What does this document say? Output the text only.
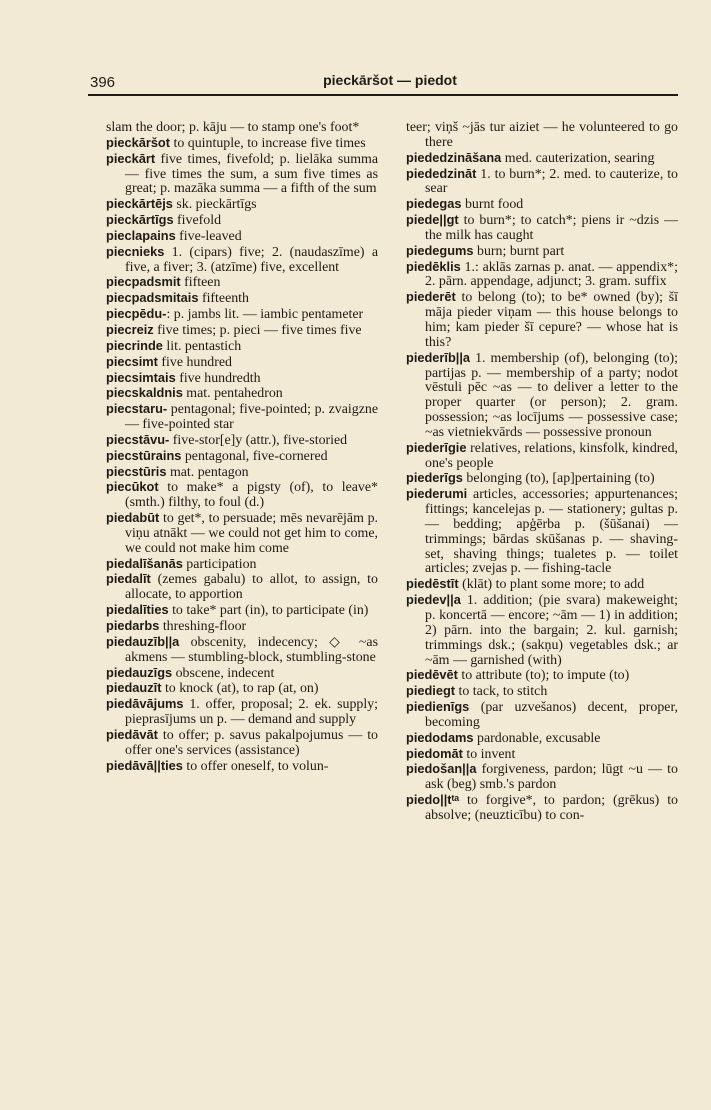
396	pieckāršot — piedot

slam the door; p. kāju — to stamp one's foot*

pieckāršot to quintuple, to increase five times

pieckārt five times, fivefold; p. lielāka summa — five times the sum, a sum five times as great; p. mazāka summa — a fifth of the sum

pieckārtējs sk. pieckārtīgs

pieckārtīgs fivefold

pieclapains five-leaved

piecnieks 1. (cipars) five; 2. (naudaszīme) a five, a fiver; 3. (atzīme) five, excellent

piecpadsmit fifteen

piecpadsmitais fifteenth

piecpēdu-: p. jambs lit. — iambic pentameter

piecreiz five times; p. pieci — five times five

piecrinde lit. pentastich

piecsimt five hundred

piecsimtais five hundredth

piecskaldnis mat. pentahedron

piecstaru- pentagonal; five-pointed; p. zvaigzne — five-pointed star

piecstāvu- five-stor[e]y (attr.), five-storied

piecstūrains pentagonal, five-cornered

piecstūris mat. pentagon

piecūkot to make* a pigsty (of), to leave* (smth.) filthy, to foul (d.)

piedabūt to get*, to persuade; mēs nevarējām p. viņu atnākt — we could not get him to come, we could not make him come

piedalīšanās participation

piedalīt (zemes gabalu) to allot, to assign, to allocate, to apportion

piedalīties to take* part (in), to participate (in)

piedarbs threshing-floor

piedauzīb||a obscenity, indecency; ◇ ~as akmens — stumbling-block, stumbling-stone

piedauzīgs obscene, indecent

piedauzīt to knock (at), to rap (at, on)

piedāvājums 1. offer, proposal; 2. ek. supply; pieprasījums un p. — demand and supply

piedāvāt to offer; p. savus pakalpojumus — to offer one's services (assistance)

piedāvā||ties to offer oneself, to volun-

teer; viņš ~jās tur aiziet — he volunteered to go there

piededzināšana med. cauterization, searing

piededzināt 1. to burn*; 2. med. to cauterize, to sear

piedegas burnt food

piede||gt to burn*; to catch*; piens ir ~dzis — the milk has caught

piedegums burn; burnt part

piedēklis 1.: aklās zarnas p. anat. — appendix*; 2. pārn. appendage, adjunct; 3. gram. suffix

piederēt to belong (to); to be* owned (by); šī māja pieder viņam — this house belongs to him; kam pieder šī cepure? — whose hat is this?

piederīb||a 1. membership (of), belonging (to); partijas p. — membership of a party; nodot vēstuli pēc ~as — to deliver a letter to the proper quarter (or person); 2. gram. possession; ~as locījums — possessive case; ~as vietniekvārds — possessive pronoun

piederīgie relatives, relations, kinsfolk, kindred, one's people

piederīgs belonging (to), [ap]pertaining (to)

piederumi articles, accessories; appurtenances; fittings; kancelejas p. — stationery; gultas p. — bedding; apģērba p. (šūšanai) — trimmings; bārdas skūšanas p. — shaving-set, shaving things; tualetes p. — toilet articles; zvejas p. — fishing-tacle

piedēstīt (klāt) to plant some more; to add

piedev||a 1. addition; (pie svara) makeweight; p. koncertā — encore; ~ām — 1) in addition; 2) pārn. into the bargain; 2. kul. garnish; trimmings dsk.; (sakņu) vegetables dsk.; ar ~ām — garnished (with)

piedēvēt to attribute (to); to impute (to)

piediegt to tack, to stitch

piedienīgs (par uzvešanos) decent, proper, becoming

piedodams pardonable, excusable

piedomāt to invent

piedošan||a forgiveness, pardon; lūgt ~u — to ask (beg) smb.'s pardon

piedo||tᵗᵃ to forgive*, to pardon; (grēkus) to absolve; (neuzticību) to con-
